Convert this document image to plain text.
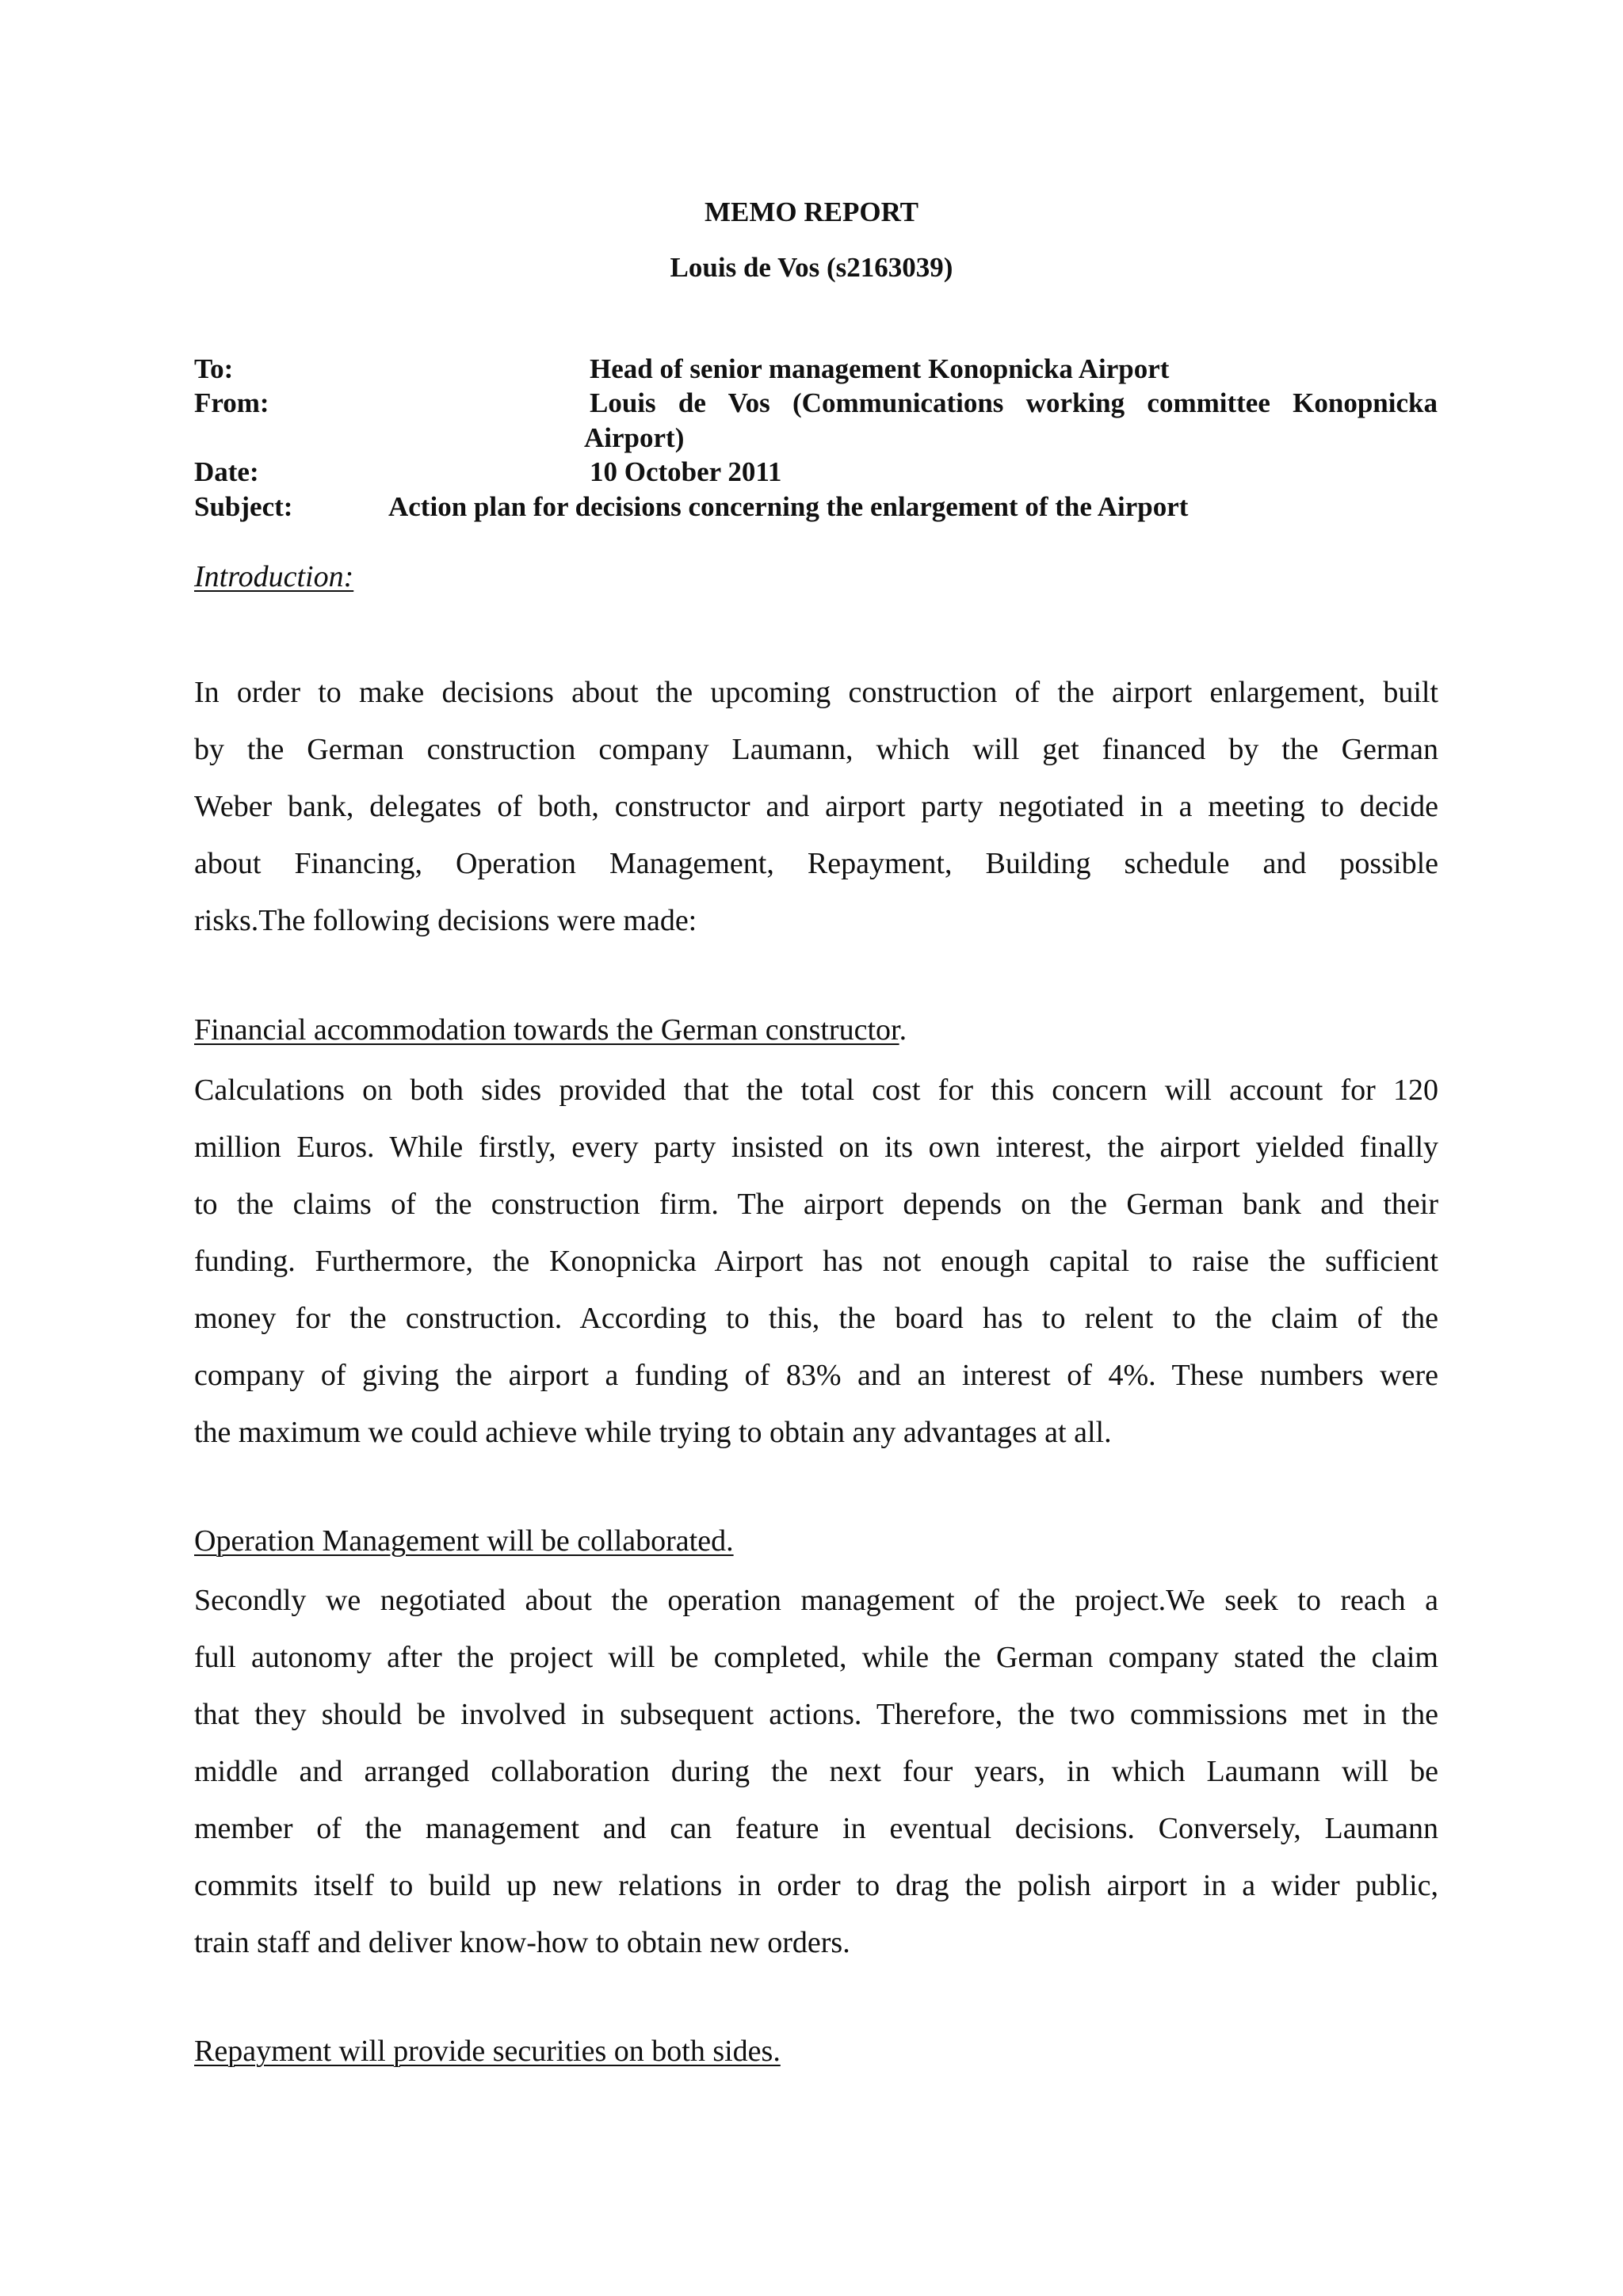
MEMO REPORT
Louis de Vos (s2163039)
To:	Head of senior management Konopnicka Airport
From:	Louis de Vos (Communications working committee Konopnicka
Airport)
Date:	10 October 2011
Subject:	Action plan for decisions concerning the enlargement of the Airport
Introduction:
In order to make decisions about the upcoming construction of the airport enlargement, built
by the German construction company Laumann, which will get financed by the German
Weber bank, delegates of both, constructor and airport party negotiated in a meeting to decide
about Financing, Operation Management, Repayment, Building schedule and possible
risks.The following decisions were made:
Financial accommodation towards the German constructor.
Calculations on both sides provided that the total cost for this concern will account for 120
million Euros. While firstly, every party insisted on its own interest, the airport yielded finally
to the claims of the construction firm. The airport depends on the German bank and their
funding. Furthermore, the Konopnicka Airport has not enough capital to raise the sufficient
money for the construction. According to this, the board has to relent to the claim of the
company of giving the airport a funding of 83% and an interest of 4%. These numbers were
the maximum we could achieve while trying to obtain any advantages at all.
Operation Management will be collaborated.
Secondly we negotiated about the operation management of the project.We seek to reach a
full autonomy after the project will be completed, while the German company stated the claim
that they should be involved in subsequent actions. Therefore, the two commissions met in the
middle and arranged collaboration during the next four years, in which Laumann will be
member of the management and can feature in eventual decisions. Conversely, Laumann
commits itself to build up new relations in order to drag the polish airport in a wider public,
train staff and deliver know-how to obtain new orders.
Repayment will provide securities on both sides.
